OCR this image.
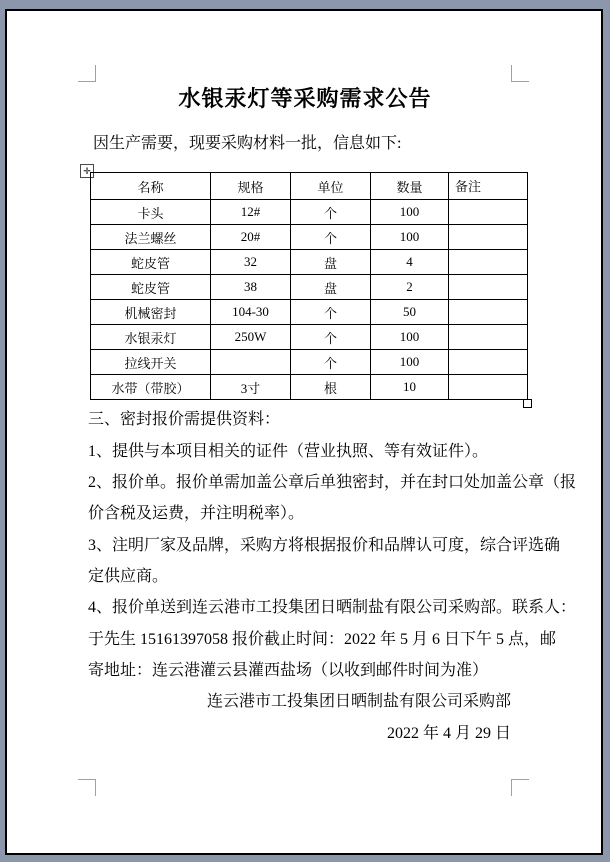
水银汞灯等采购需求公告
因生产需要，现要采购材料一批，信息如下:
✛
名称	规格	单位	数量	备注
卡头	12#	个	100	
法兰螺丝	20#	个	100	
蛇皮管	32	盘	4	
蛇皮管	38	盘	2	
机械密封	104-30	个	50	
水银汞灯	250W	个	100	
拉线开关		个	100	
水带（带胶）	3寸	根	10	
三、密封报价需提供资料：
1、提供与本项目相关的证件（营业执照、等有效证件）。
2、报价单。报价单需加盖公章后单独密封，并在封口处加盖公章（报
价含税及运费，并注明税率）。
3、注明厂家及品牌，采购方将根据报价和品牌认可度，综合评选确
定供应商。
4、报价单送到连云港市工投集团日晒制盐有限公司采购部。联系人：
于先生 15161397058 报价截止时间：2022 年 5 月 6 日下午 5 点，邮
寄地址：连云港灌云县灌西盐场（以收到邮件时间为准）
连云港市工投集团日晒制盐有限公司采购部
2022 年 4 月 29 日
